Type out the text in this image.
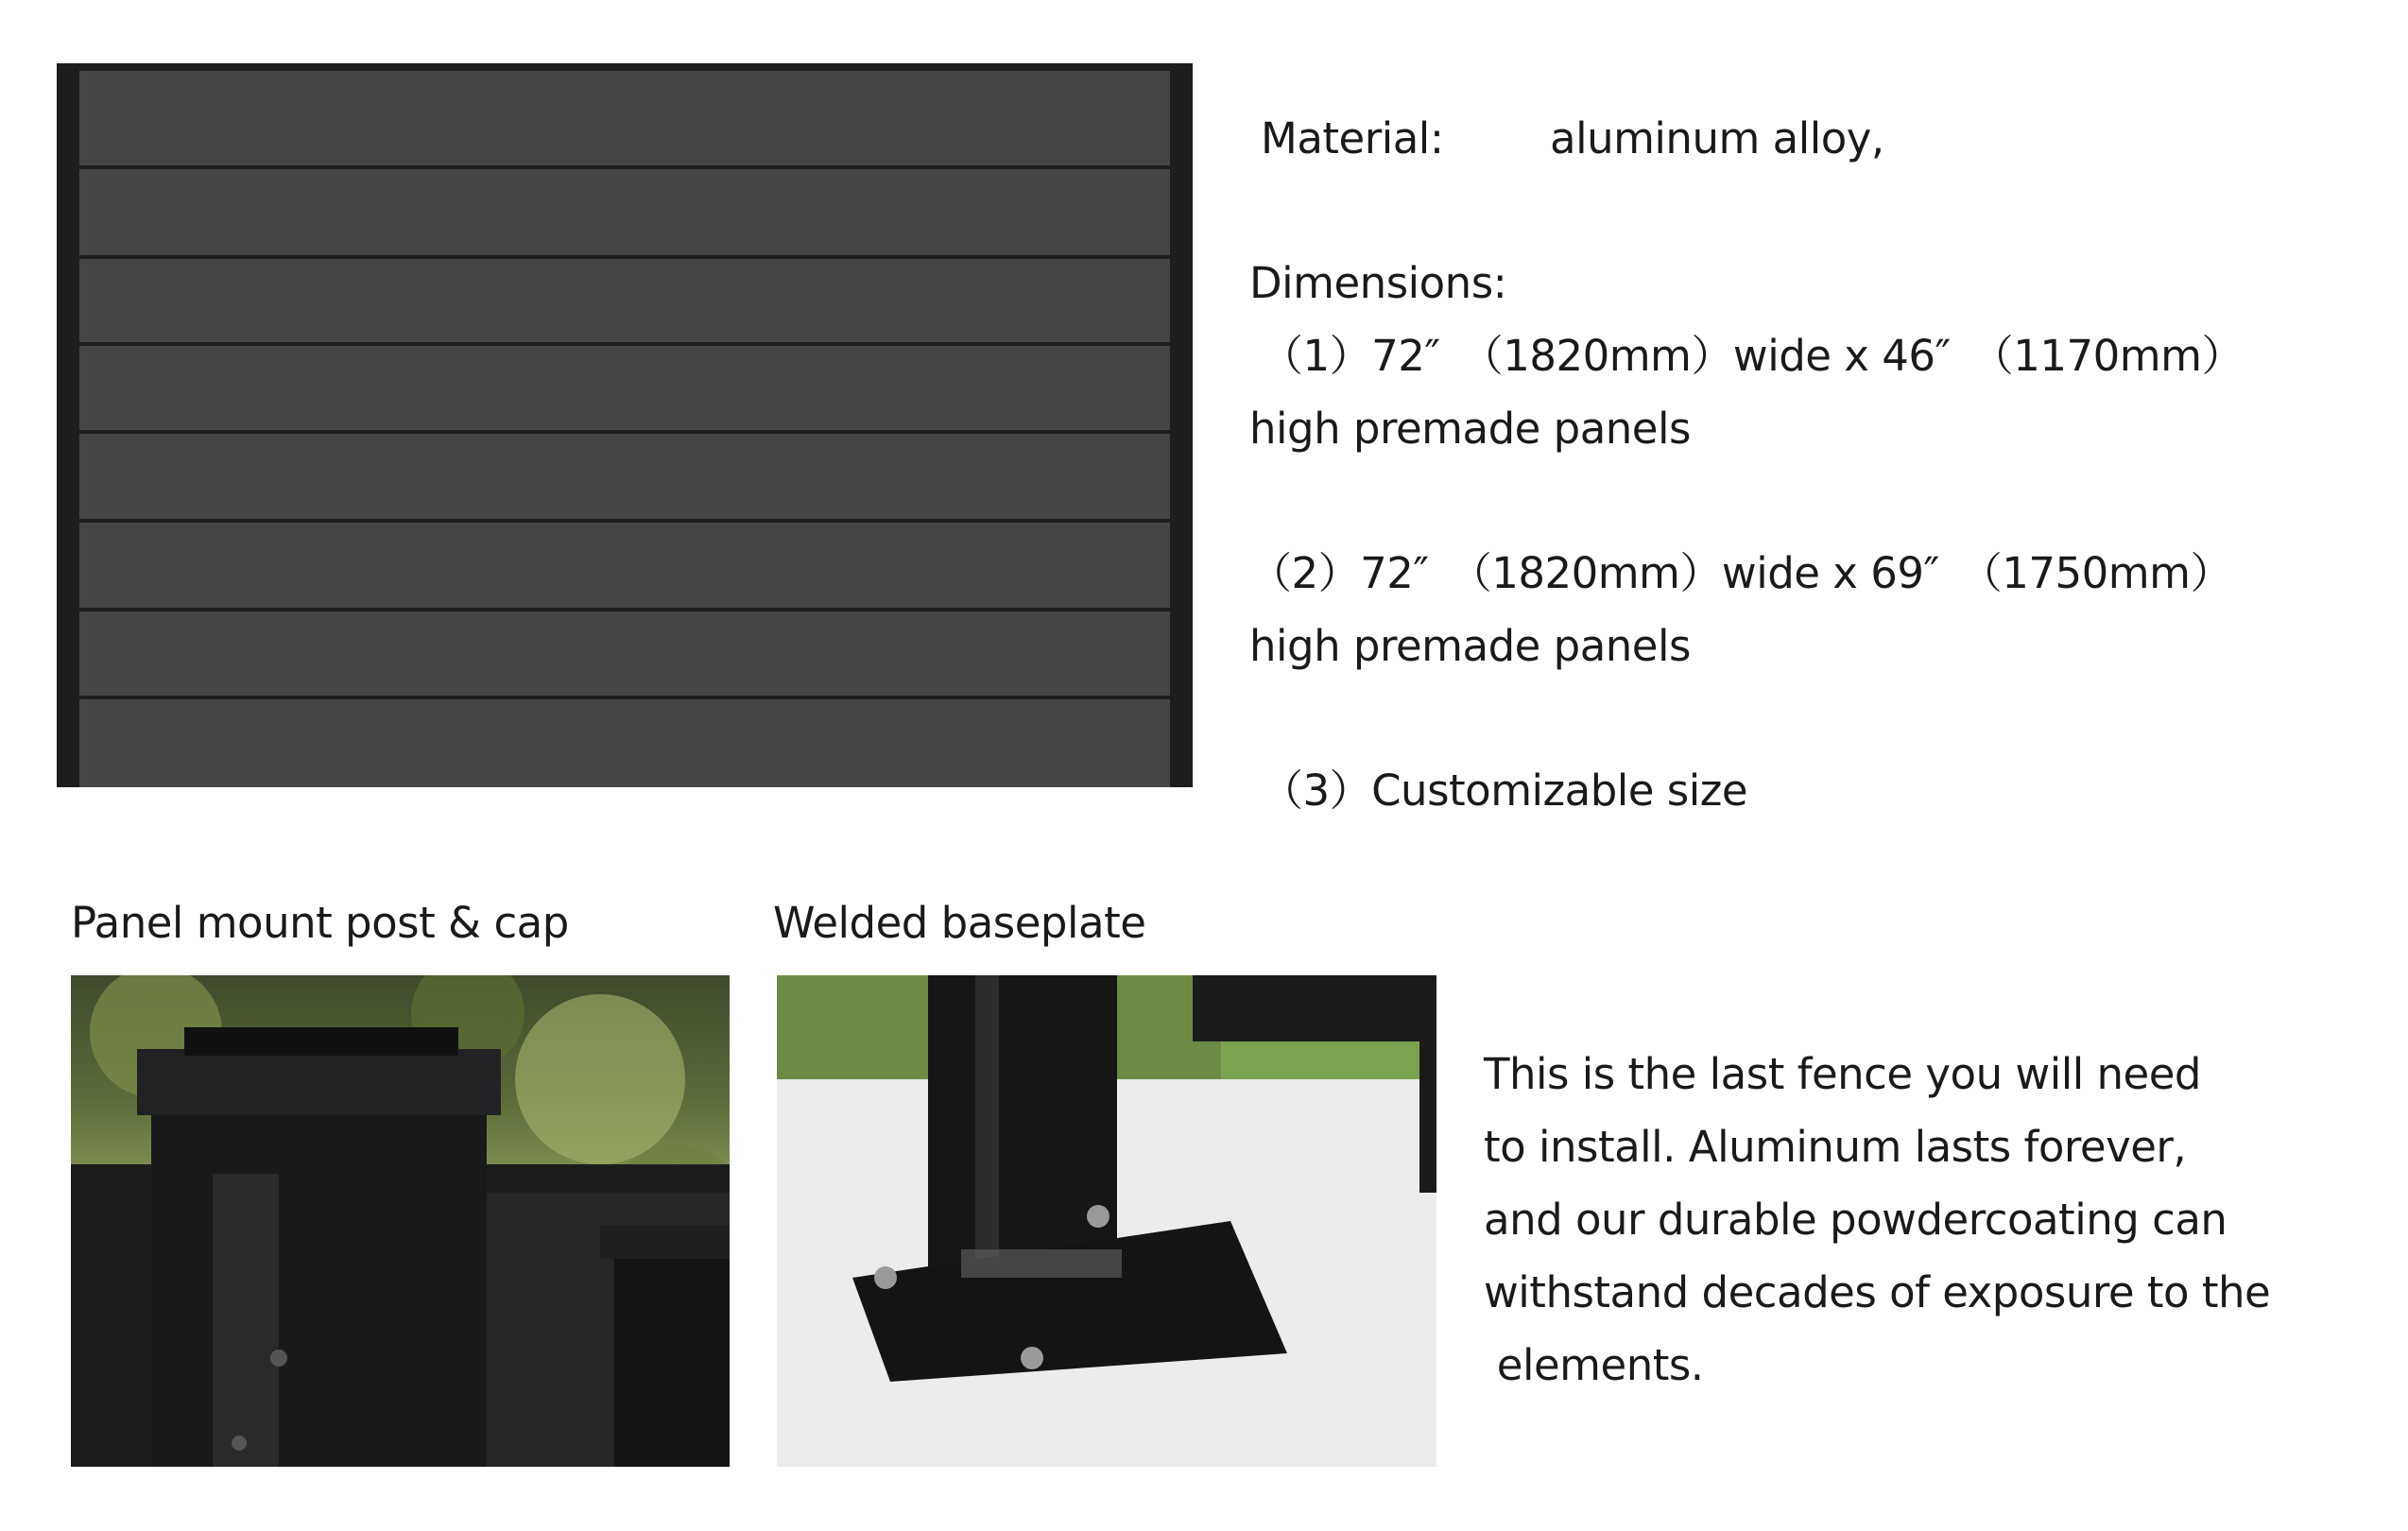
Material:	aluminum alloy,
Dimensions:
（1）72″　（1820mm）wide x 46″　（1170mm）
high premade panels
（2）72″　（1820mm）wide x 69″　（1750mm）
high premade panels
（3）Customizable size
Panel mount post & cap	Welded baseplate
This is the last fence you will need
to install. Aluminum lasts forever,
and our durable powdercoating can
withstand decades of exposure to the
elements.
